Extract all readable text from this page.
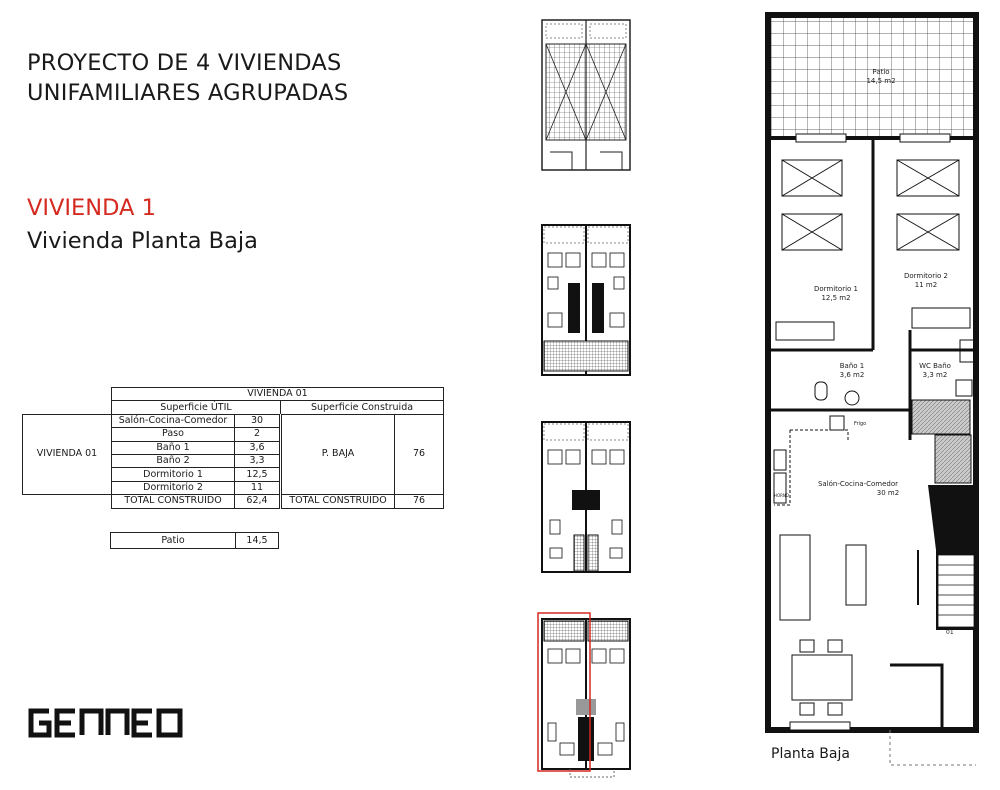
PROYECTO DE 4 VIVIENDAS
UNIFAMILIARES AGRUPADAS
VIVIENDA 1
Vivienda Planta Baja
	VIVIENDA 01			
	Superficie ÚTIL		Superficie Construida	
VIVIENDA 01	Salón-Cocina-Comedor	30	P. BAJA	76
	Paso	2		
	Baño 1	3,6		
	Baño 2	3,3		
	Dormitorio 1	12,5		
	Dormitorio 2	11		
	TOTAL CONSTRUIDO	62,4	TOTAL CONSTRUIDO	76
Patio	14,5
Patio
14,5 m2
Dormitorio 1
12,5 m2
Dormitorio 2
11 m2
Baño 1
3,6 m2
WC Baño
3,3 m2
Salón-Cocina-Comedor
30 m2
Frigo
HORNO
01
Planta Baja
